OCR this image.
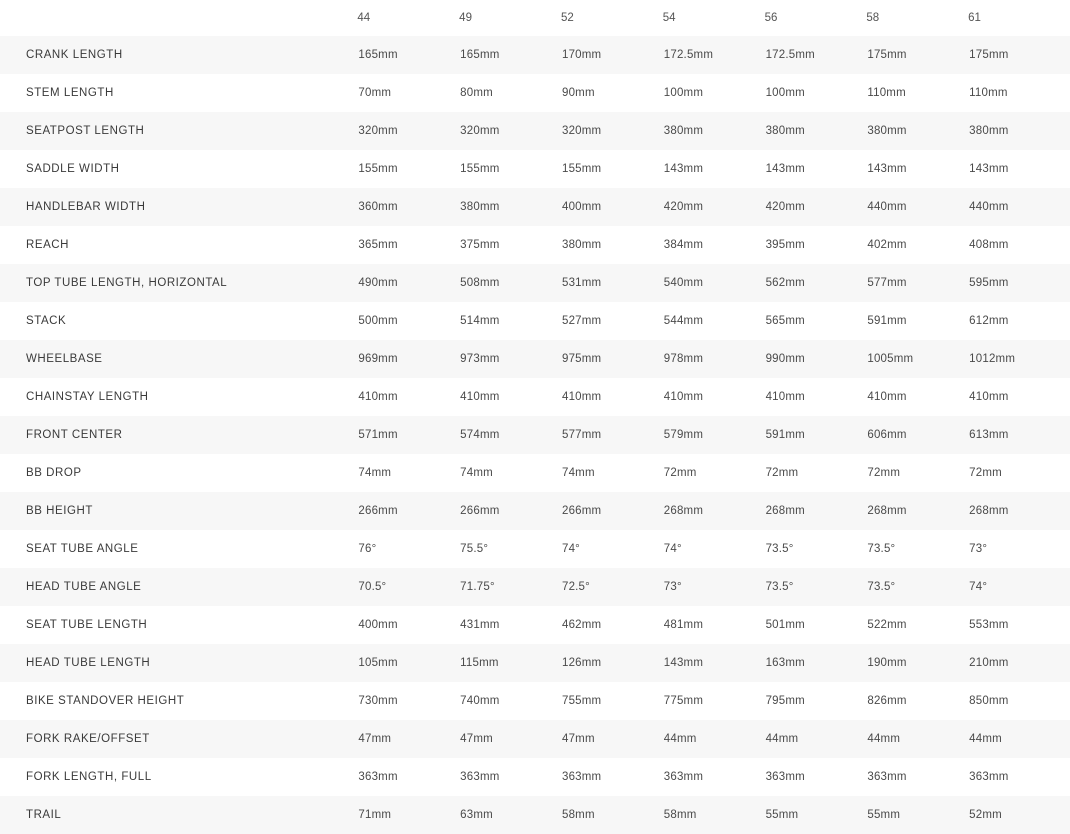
	44	49	52	54	56	58	61
CRANK LENGTH	165mm	165mm	170mm	172.5mm	172.5mm	175mm	175mm
STEM LENGTH	70mm	80mm	90mm	100mm	100mm	110mm	110mm
SEATPOST LENGTH	320mm	320mm	320mm	380mm	380mm	380mm	380mm
SADDLE WIDTH	155mm	155mm	155mm	143mm	143mm	143mm	143mm
HANDLEBAR WIDTH	360mm	380mm	400mm	420mm	420mm	440mm	440mm
REACH	365mm	375mm	380mm	384mm	395mm	402mm	408mm
TOP TUBE LENGTH, HORIZONTAL	490mm	508mm	531mm	540mm	562mm	577mm	595mm
STACK	500mm	514mm	527mm	544mm	565mm	591mm	612mm
WHEELBASE	969mm	973mm	975mm	978mm	990mm	1005mm	1012mm
CHAINSTAY LENGTH	410mm	410mm	410mm	410mm	410mm	410mm	410mm
FRONT CENTER	571mm	574mm	577mm	579mm	591mm	606mm	613mm
BB DROP	74mm	74mm	74mm	72mm	72mm	72mm	72mm
BB HEIGHT	266mm	266mm	266mm	268mm	268mm	268mm	268mm
SEAT TUBE ANGLE	76°	75.5°	74°	74°	73.5°	73.5°	73°
HEAD TUBE ANGLE	70.5°	71.75°	72.5°	73°	73.5°	73.5°	74°
SEAT TUBE LENGTH	400mm	431mm	462mm	481mm	501mm	522mm	553mm
HEAD TUBE LENGTH	105mm	115mm	126mm	143mm	163mm	190mm	210mm
BIKE STANDOVER HEIGHT	730mm	740mm	755mm	775mm	795mm	826mm	850mm
FORK RAKE/OFFSET	47mm	47mm	47mm	44mm	44mm	44mm	44mm
FORK LENGTH, FULL	363mm	363mm	363mm	363mm	363mm	363mm	363mm
TRAIL	71mm	63mm	58mm	58mm	55mm	55mm	52mm
